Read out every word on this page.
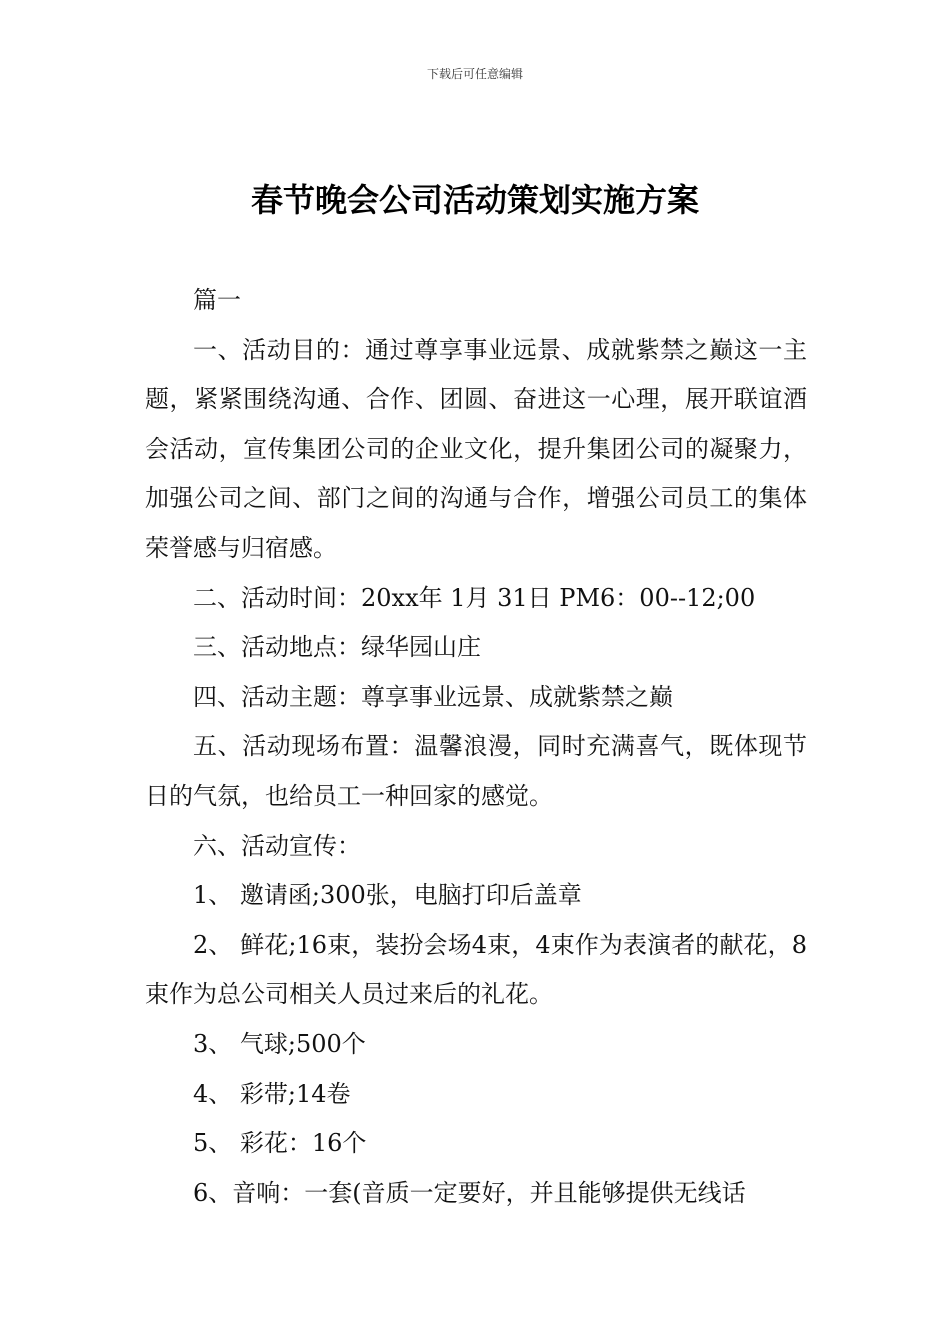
下载后可任意编辑
春节晚会公司活动策划实施方案

篇一

一、活动目的：通过尊享事业远景、成就紫禁之巅这一主题，紧紧围绕沟通、合作、团圆、奋进这一心理，展开联谊酒会活动，宣传集团公司的企业文化，提升集团公司的凝聚力，加强公司之间、部门之间的沟通与合作，增强公司员工的集体荣誉感与归宿感。

二、活动时间：20xx年 1月 31日 PM6：00--12;00

三、活动地点：绿华园山庄

四、活动主题：尊享事业远景、成就紫禁之巅

五、活动现场布置：温馨浪漫，同时充满喜气，既体现节日的气氛，也给员工一种回家的感觉。

六、活动宣传：

1、 邀请函;300张，电脑打印后盖章

2、 鲜花;16束，装扮会场4束，4束作为表演者的献花，8束作为总公司相关人员过来后的礼花。

3、 气球;500个

4、 彩带;14卷

5、 彩花：16个

6、音响：一套(音质一定要好，并且能够提供无线话
